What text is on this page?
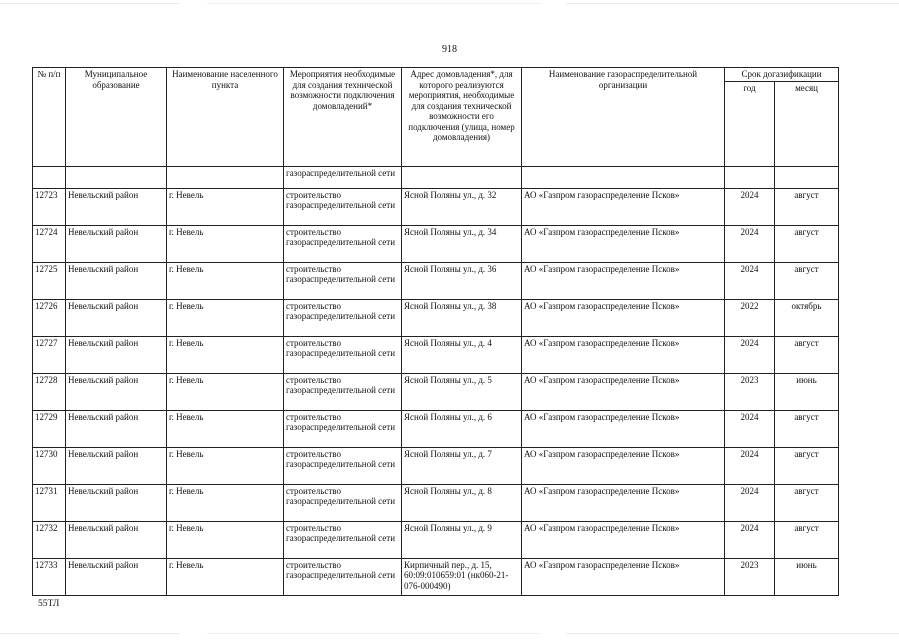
918
№ п/п	Муниципальное образование	Наименование населенного пункта	Мероприятия необходимые для создания технической возможности подключения домовладений*	Адрес домовладения*, для которого реализуются мероприятия, необходимые для создания технической возможности его подключения (улица, номер домовладения)	Наименование газораспределительной организации	Срок догазификации	
						год	месяц
			газораспределительной сети				
12723	Невельский район	г. Невель	строительство газораспределительной сети	Ясной Поляны ул., д. 32	АО «Газпром газораспределение Псков»	2024	август
12724	Невельский район	г. Невель	строительство газораспределительной сети	Ясной Поляны ул., д. 34	АО «Газпром газораспределение Псков»	2024	август
12725	Невельский район	г. Невель	строительство газораспределительной сети	Ясной Поляны ул., д. 36	АО «Газпром газораспределение Псков»	2024	август
12726	Невельский район	г. Невель	строительство газораспределительной сети	Ясной Поляны ул., д. 38	АО «Газпром газораспределение Псков»	2022	октябрь
12727	Невельский район	г. Невель	строительство газораспределительной сети	Ясной Поляны ул., д. 4	АО «Газпром газораспределение Псков»	2024	август
12728	Невельский район	г. Невель	строительство газораспределительной сети	Ясной Поляны ул., д. 5	АО «Газпром газораспределение Псков»	2023	июнь
12729	Невельский район	г. Невель	строительство газораспределительной сети	Ясной Поляны ул., д. 6	АО «Газпром газораспределение Псков»	2024	август
12730	Невельский район	г. Невель	строительство газораспределительной сети	Ясной Поляны ул., д. 7	АО «Газпром газораспределение Псков»	2024	август
12731	Невельский район	г. Невель	строительство газораспределительной сети	Ясной Поляны ул., д. 8	АО «Газпром газораспределение Псков»	2024	август
12732	Невельский район	г. Невель	строительство газораспределительной сети	Ясной Поляны ул., д. 9	АО «Газпром газораспределение Псков»	2024	август
12733	Невельский район	г. Невель	строительство газораспределительной сети	Кирпичный пер., д. 15, 60:09:010659:01 (нк060-21-076-000490)	АО «Газпром газораспределение Псков»	2023	июнь
55ТЛ
